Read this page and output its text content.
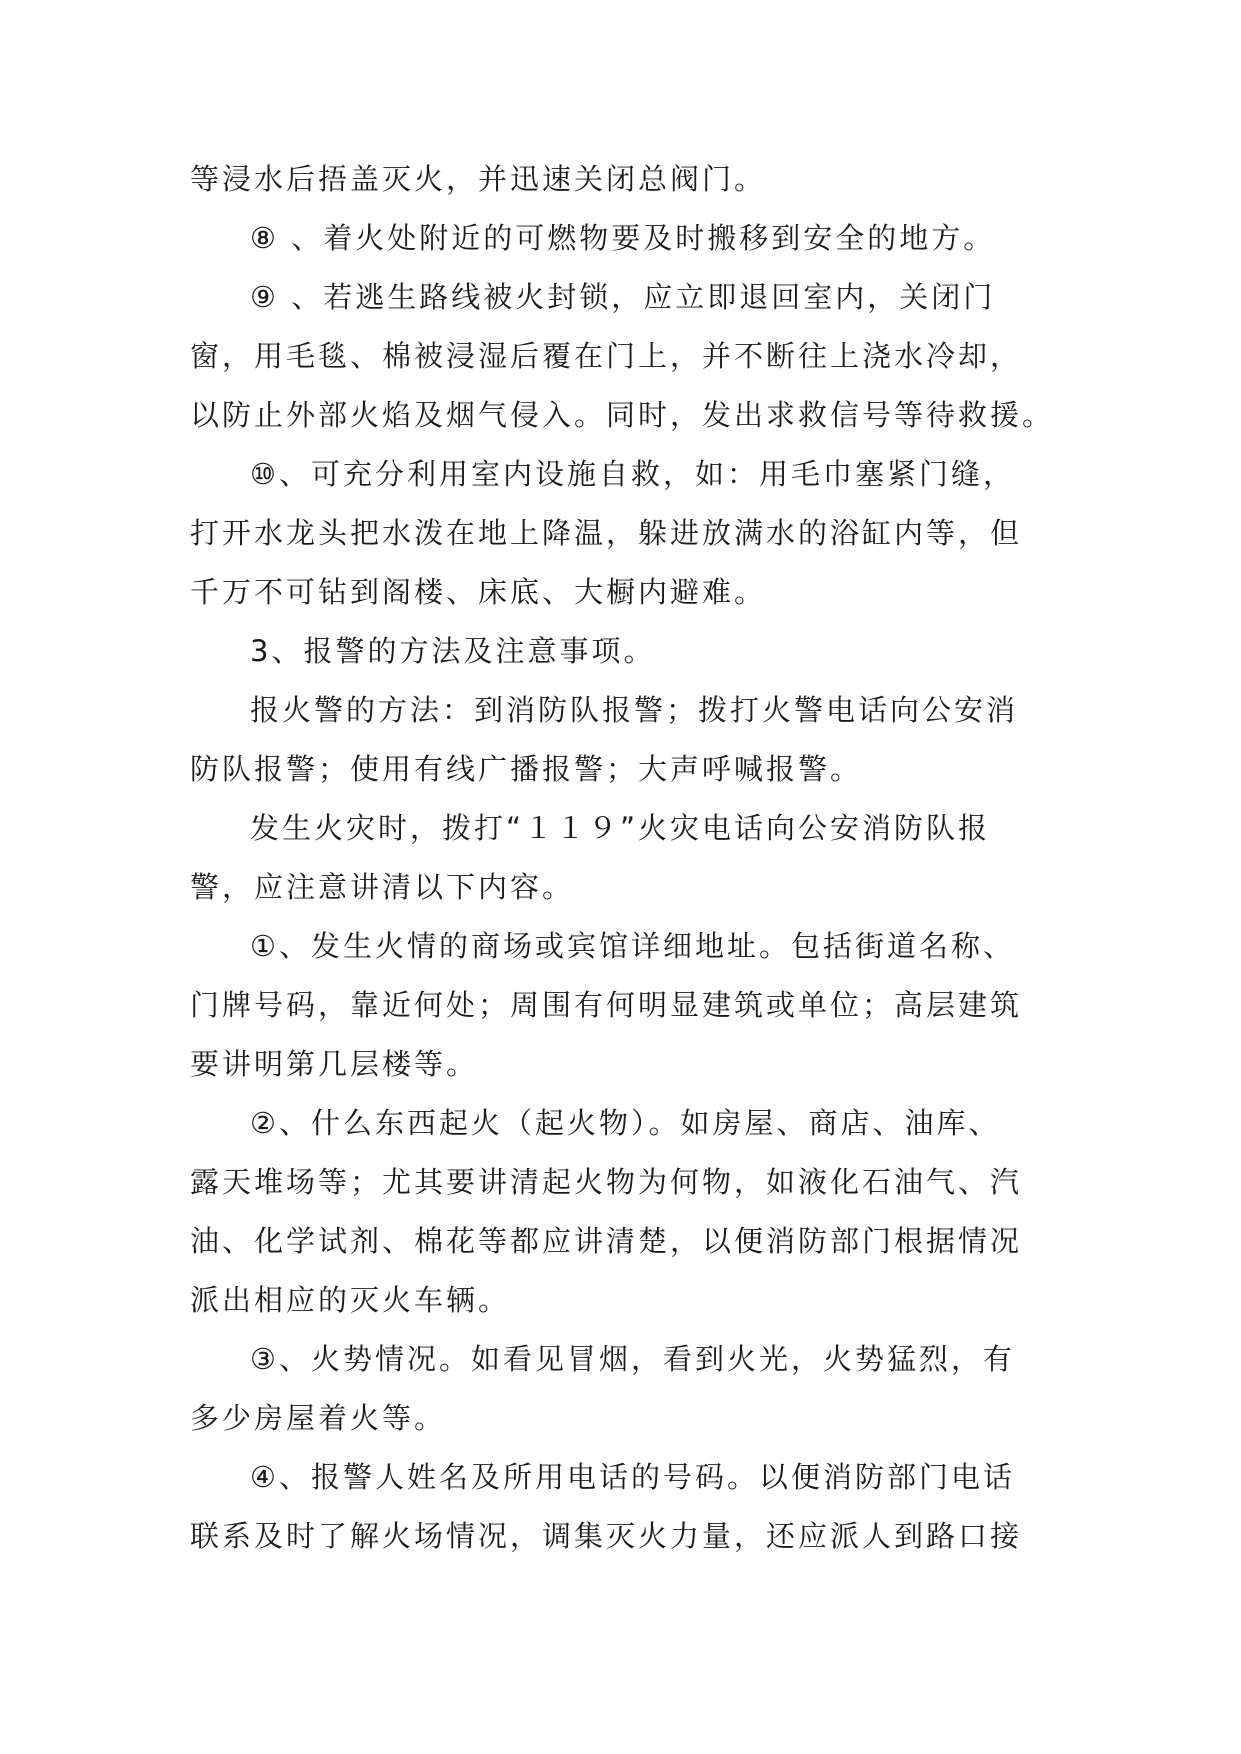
等浸水后捂盖灭火，并迅速关闭总阀门。
⑧ 、着火处附近的可燃物要及时搬移到安全的地方。
⑨ 、若逃生路线被火封锁，应立即退回室内，关闭门
窗，用毛毯、棉被浸湿后覆在门上，并不断往上浇水冷却，
以防止外部火焰及烟气侵入。同时，发出求救信号等待救援。
⑩、可充分利用室内设施自救，如：用毛巾塞紧门缝，
打开水龙头把水泼在地上降温，躲进放满水的浴缸内等，但
千万不可钻到阁楼、床底、大橱内避难。
3、报警的方法及注意事项。
报火警的方法：到消防队报警；拨打火警电话向公安消
防队报警；使用有线广播报警；大声呼喊报警。
发生火灾时，拨打“１１９”火灾电话向公安消防队报
警，应注意讲清以下内容。
①、发生火情的商场或宾馆详细地址。包括街道名称、
门牌号码，靠近何处；周围有何明显建筑或单位；高层建筑
要讲明第几层楼等。
②、什么东西起火（起火物）。如房屋、商店、油库、
露天堆场等；尤其要讲清起火物为何物，如液化石油气、汽
油、化学试剂、棉花等都应讲清楚，以便消防部门根据情况
派出相应的灭火车辆。
③、火势情况。如看见冒烟，看到火光，火势猛烈，有
多少房屋着火等。
④、报警人姓名及所用电话的号码。以便消防部门电话
联系及时了解火场情况，调集灭火力量，还应派人到路口接
